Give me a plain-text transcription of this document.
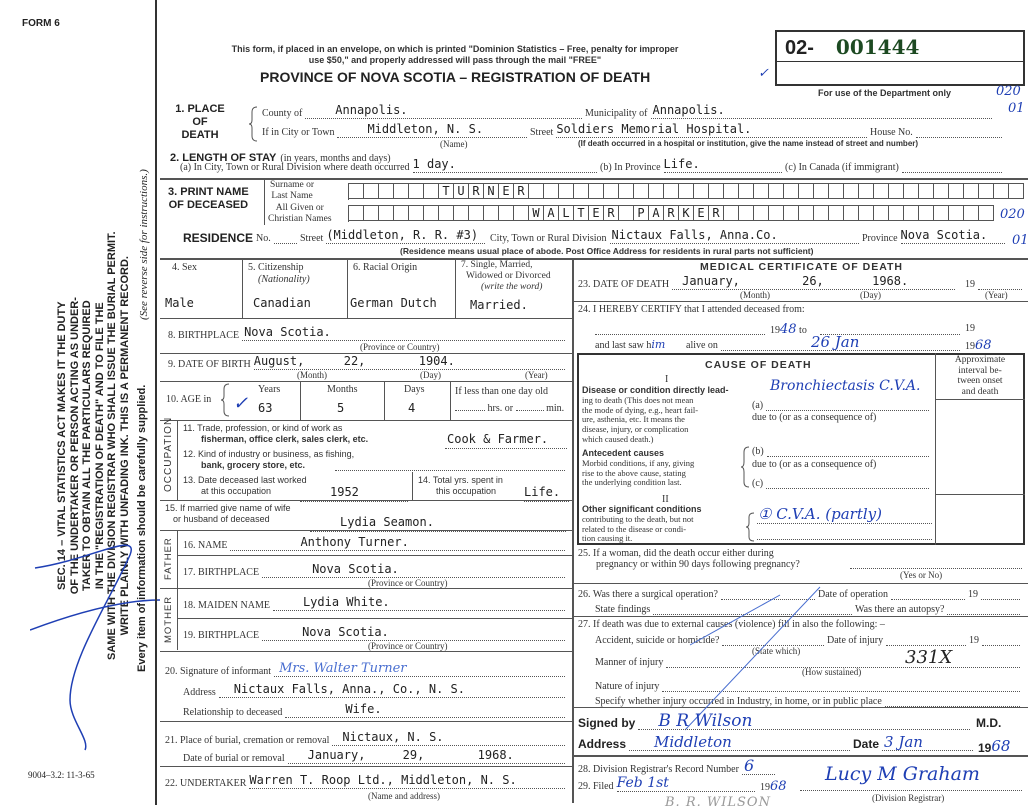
FORM 6
SEC. 14 – VITAL STATISTICS ACT MAKES IT THE DUTY OF THE UNDERTAKER OR PERSON ACTING AS UNDER- TAKER TO OBTAIN ALL THE PARTICULARS REQUIRED IN THE "REGISTRATION OF DEATH" AND TO FILE THE SAME WITH THE DIVISION REGISTRAR WHO SHALL ISSUE THE BURIAL PERMIT. WRITE PLAINLY WITH UNFADING INK. THIS IS A PERMANENT RECORD. Every item of information should be carefully supplied.
(See reverse side for instructions.)
9004–3.2: 11-3-65
This form, if placed in an envelope, on which is printed "Dominion Statistics – Free, penalty for improper
use $50," and properly addressed will pass through the mail "FREE"
PROVINCE OF NOVA SCOTIA – REGISTRATION OF DEATH
02- 001444
For use of the Department only
✓
020
01
1. PLACE
OF
DEATH
County of	Annapolis.	Municipality of Annapolis.
If in City or Town	Middleton, N. S.	Street Soldiers Memorial Hospital.	House No.
(Name)	(If death occurred in a hospital or institution, give the name instead of street and number)
2. LENGTH OF STAY (in years, months and days)
(a) In City, Town or Rural Division where death occurred 1 day.	(b) In Province Life.	(c) In Canada (if immigrant)
3. PRINT NAME
OF DECEASED
Surname or
Last Name
All Given or
Christian Names
T U R N E R
W A L T E R	P A R K E R	020
01
RESIDENCE No.	Street (Middleton, R. R. #3)	City, Town or Rural Division Nictaux Falls, Anna.Co.	Province Nova Scotia.
(Residence means usual place of abode. Post Office Address for residents in rural parts not sufficient)
4. Sex
Male
5. Citizenship
(Nationality)
Canadian
6. Racial Origin
German Dutch
7. Single, Married,
Widowed or Divorced
(write the word)
Married.
8. BIRTHPLACE Nova Scotia.
(Province or Country)
9. DATE OF BIRTH August,	22,	1904.
(Month)	(Day)	(Year)
10. AGE in ✓
Years
63
Months
5
Days
4
If less than one day old
hrs. or	min.
OCCUPATION 11. Trade, profession, or kind of work as
fisherman, office clerk, sales clerk, etc.	Cook & Farmer.
12. Kind of industry or business, as fishing,
bank, grocery store, etc.
13. Date deceased last worked
at this occupation	1952
14. Total yrs. spent in
this occupation	Life.
15. If married give name of wife
or husband of deceased	Lydia Seamon.
FATHER
MOTHER
16. NAME	Anthony Turner.
17. BIRTHPLACE	Nova Scotia.
(Province or Country)
18. MAIDEN NAME	Lydia White.
19. BIRTHPLACE	Nova Scotia.
(Province or Country)
20. Signature of informant Mrs. Walter Turner
Address	Nictaux Falls, Anna., Co., N. S.
Relationship to deceased	Wife.
21. Place of burial, cremation or removal	Nictaux, N. S.
Date of burial or removal	January,	29,	1968.
22. UNDERTAKER Warren T. Roop Ltd., Middleton, N. S.
(Name and address)
MEDICAL CERTIFICATE OF DEATH
23. DATE OF DEATH	January,	26,	1968.	19
(Month)	(Day)	(Year)
24. I HEREBY CERTIFY that I attended deceased from:
1948 to	19
and last saw h im alive on	26 Jan	1968
Approximate
interval be-
tween onset
and death
CAUSE OF DEATH
I
Disease or condition directly lead-
ing to death (This does not mean
the mode of dying, e.g., heart fail-
ure, asthenia, etc. It means the
disease, injury, or complication
which caused death.)
Bronchiectasis C.V.A.
(a)
due to (or as a consequence of)
Antecedent causes
Morbid conditions, if any, giving
rise to the above cause, stating
the underlying condition last.
(b)
due to (or as a consequence of)
(c)
II
Other significant conditions
contributing to the death, but not
related to the disease or condi-
tion causing it.
① C.V.A. (partly)
25. If a woman, did the death occur either during
pregnancy or within 90 days following pregnancy?
(Yes or No)
26. Was there a surgical operation?	Date of operation	19
State findings	Was there an autopsy?
27. If death was due to external causes (violence) fill in also the following: –
Accident, suicide or homicide?	Date of injury	19
(State which)
Manner of injury	331X
(How sustained)
Nature of injury
Specify whether injury occurred in Industry, in home, or in public place
Signed by	B R Wilson	M.D.
Address	Middleton	Date 3 Jan	19 68
28. Division Registrar's Record Number 6
29. Filed Feb 1st	1968
Lucy M Graham
(Division Registrar)
B. R. WILSON
